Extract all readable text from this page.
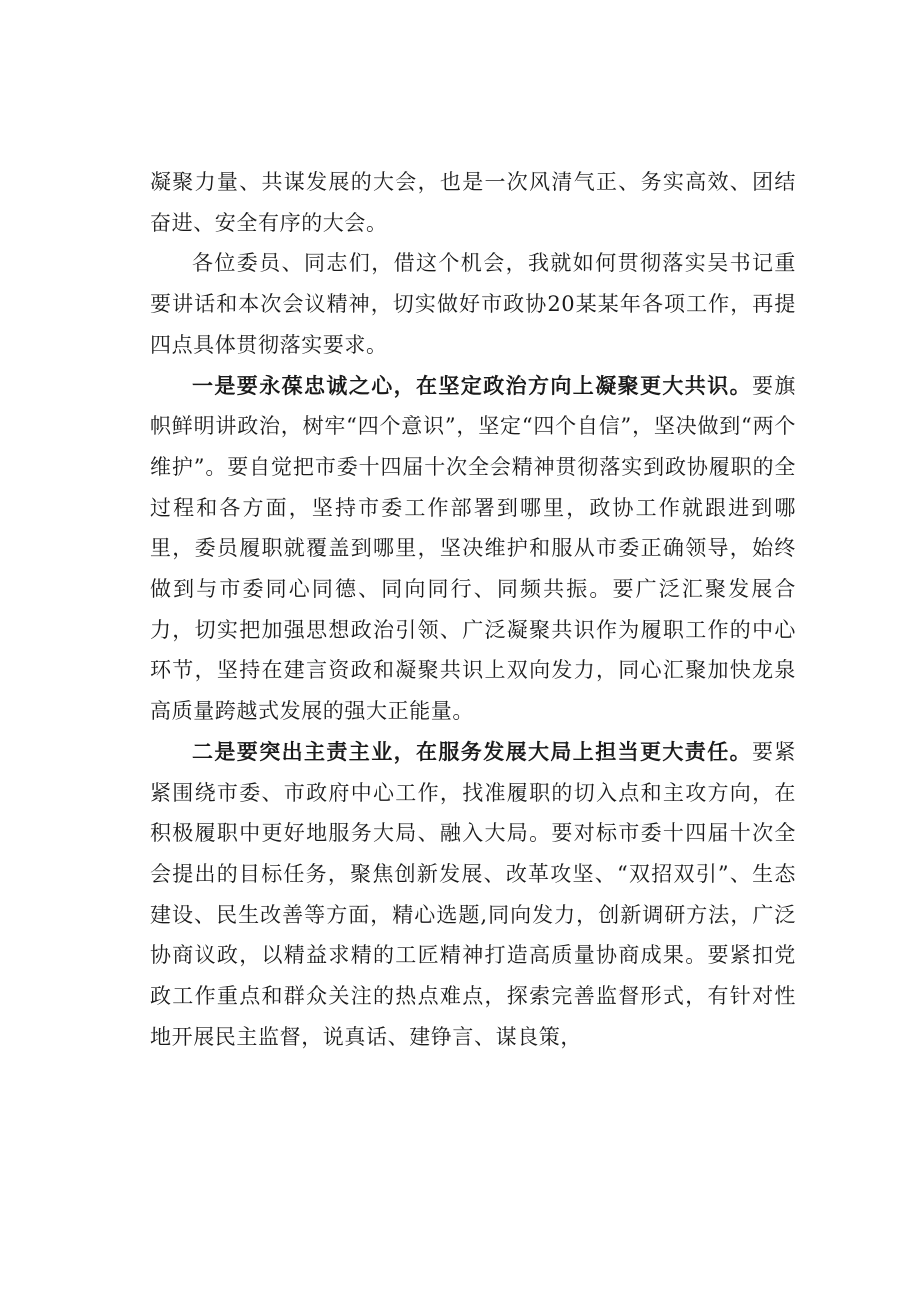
凝聚力量、共谋发展的大会，也是一次风清气正、务实高效、团结奋进、安全有序的大会。

各位委员、同志们，借这个机会，我就如何贯彻落实吴书记重要讲话和本次会议精神，切实做好市政协20某某年各项工作，再提四点具体贯彻落实要求。

一是要永葆忠诚之心，在坚定政治方向上凝聚更大共识。要旗帜鲜明讲政治，树牢“四个意识”，坚定“四个自信”，坚决做到“两个维护”。要自觉把市委十四届十次全会精神贯彻落实到政协履职的全过程和各方面，坚持市委工作部署到哪里，政协工作就跟进到哪里，委员履职就覆盖到哪里，坚决维护和服从市委正确领导，始终做到与市委同心同德、同向同行、同频共振。要广泛汇聚发展合力，切实把加强思想政治引领、广泛凝聚共识作为履职工作的中心环节，坚持在建言资政和凝聚共识上双向发力，同心汇聚加快龙泉高质量跨越式发展的强大正能量。

二是要突出主责主业，在服务发展大局上担当更大责任。要紧紧围绕市委、市政府中心工作，找准履职的切入点和主攻方向，在积极履职中更好地服务大局、融入大局。要对标市委十四届十次全会提出的目标任务，聚焦创新发展、改革攻坚、“双招双引”、生态建设、民生改善等方面，精心选题,同向发力，创新调研方法，广泛协商议政，以精益求精的工匠精神打造高质量协商成果。要紧扣党政工作重点和群众关注的热点难点，探索完善监督形式，有针对性地开展民主监督，说真话、建铮言、谋良策，
